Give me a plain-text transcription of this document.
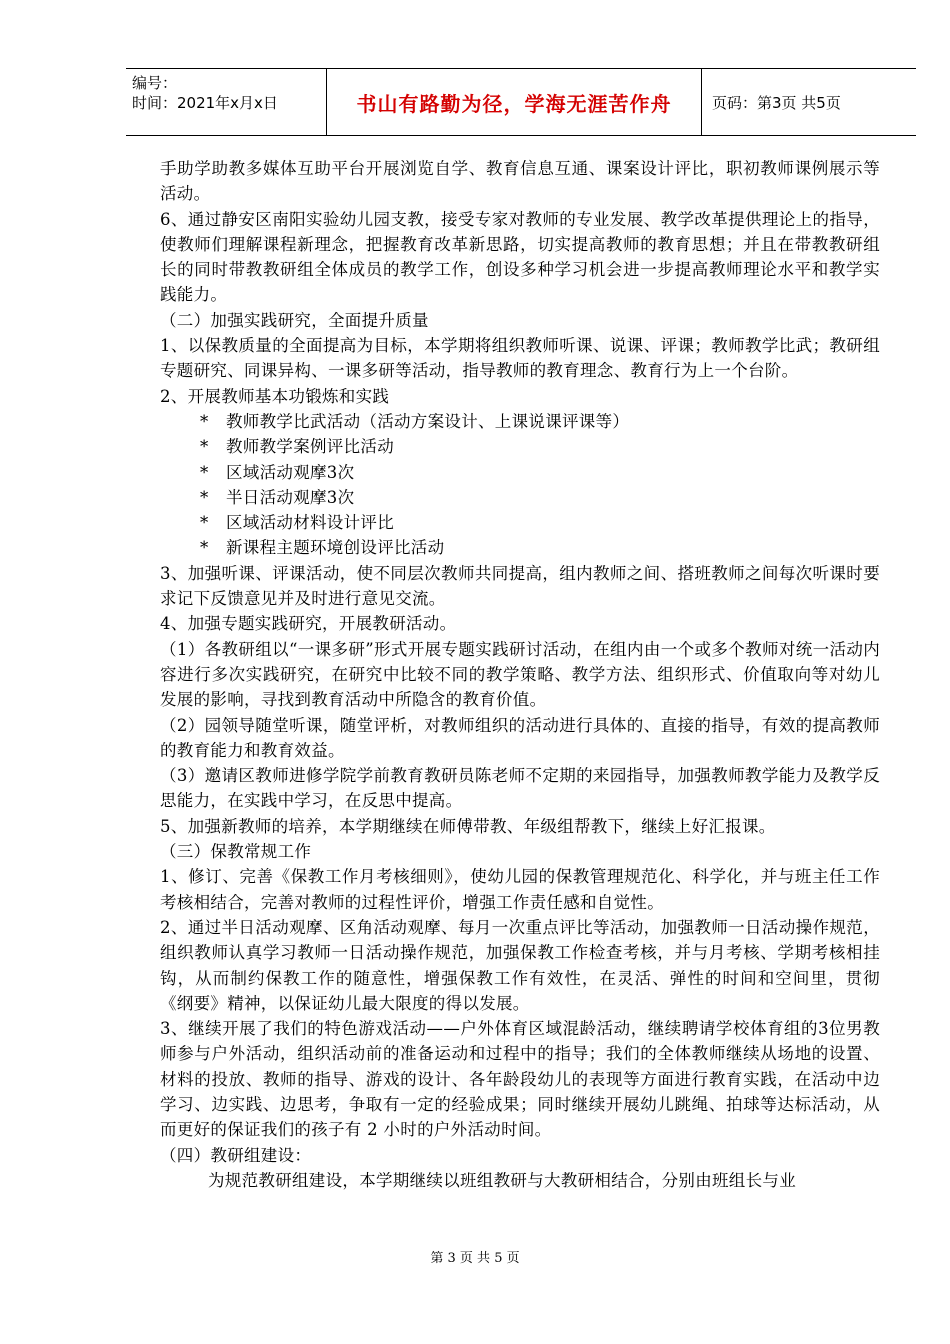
编号：
时间：2021年x月x日	书山有路勤为径，学海无涯苦作舟	页码：第3页 共5页

手助学助教多媒体互助平台开展浏览自学、教育信息互通、课案设计评比，职初教师课例展示等活动。

6、通过静安区南阳实验幼儿园支教，接受专家对教师的专业发展、教学改革提供理论上的指导，使教师们理解课程新理念，把握教育改革新思路，切实提高教师的教育思想；并且在带教教研组长的同时带教教研组全体成员的教学工作，创设多种学习机会进一步提高教师理论水平和教学实践能力。

（二）加强实践研究，全面提升质量

1、以保教质量的全面提高为目标，本学期将组织教师听课、说课、评课；教师教学比武；教研组专题研究、同课异构、一课多研等活动，指导教师的教育理念、教育行为上一个台阶。

2、开展教师基本功锻炼和实践

* 教师教学比武活动（活动方案设计、上课说课评课等）

* 教师教学案例评比活动

* 区域活动观摩3次

* 半日活动观摩3次

* 区域活动材料设计评比

* 新课程主题环境创设评比活动

3、加强听课、评课活动，使不同层次教师共同提高，组内教师之间、搭班教师之间每次听课时要求记下反馈意见并及时进行意见交流。

4、加强专题实践研究，开展教研活动。

（1）各教研组以“一课多研”形式开展专题实践研讨活动，在组内由一个或多个教师对统一活动内容进行多次实践研究，在研究中比较不同的教学策略、教学方法、组织形式、价值取向等对幼儿发展的影响，寻找到教育活动中所隐含的教育价值。

（2）园领导随堂听课，随堂评析，对教师组织的活动进行具体的、直接的指导，有效的提高教师的教育能力和教育效益。

（3）邀请区教师进修学院学前教育教研员陈老师不定期的来园指导，加强教师教学能力及教学反思能力，在实践中学习，在反思中提高。

5、加强新教师的培养，本学期继续在师傅带教、年级组帮教下，继续上好汇报课。

（三）保教常规工作

1、修订、完善《保教工作月考核细则》，使幼儿园的保教管理规范化、科学化，并与班主任工作考核相结合，完善对教师的过程性评价，增强工作责任感和自觉性。

2、通过半日活动观摩、区角活动观摩、每月一次重点评比等活动，加强教师一日活动操作规范，组织教师认真学习教师一日活动操作规范，加强保教工作检查考核，并与月考核、学期考核相挂钩，从而制约保教工作的随意性，增强保教工作有效性，在灵活、弹性的时间和空间里，贯彻《纲要》精神，以保证幼儿最大限度的得以发展。

3、继续开展了我们的特色游戏活动——户外体育区域混龄活动，继续聘请学校体育组的3位男教师参与户外活动，组织活动前的准备运动和过程中的指导；我们的全体教师继续从场地的设置、材料的投放、教师的指导、游戏的设计、各年龄段幼儿的表现等方面进行教育实践，在活动中边学习、边实践、边思考，争取有一定的经验成果；同时继续开展幼儿跳绳、拍球等达标活动，从而更好的保证我们的孩子有 2 小时的户外活动时间。

（四）教研组建设：

为规范教研组建设，本学期继续以班组教研与大教研相结合，分别由班组长与业

第 3 页 共 5 页
